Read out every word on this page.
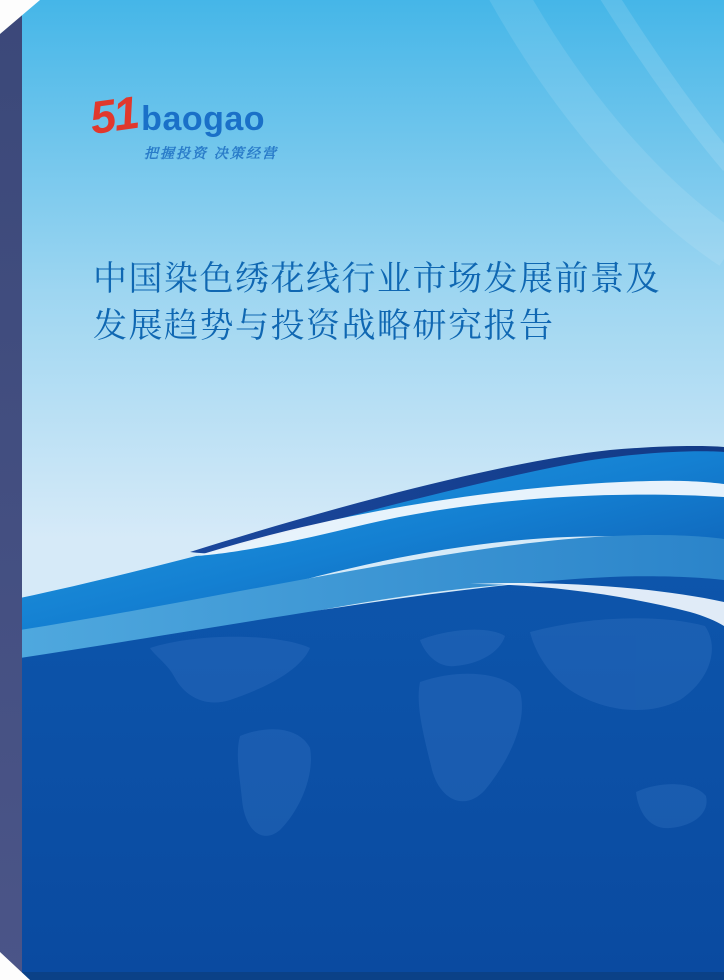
51 baogao
把握投资 决策经营
中国染色绣花线行业市场发展前景及
发展趋势与投资战略研究报告
